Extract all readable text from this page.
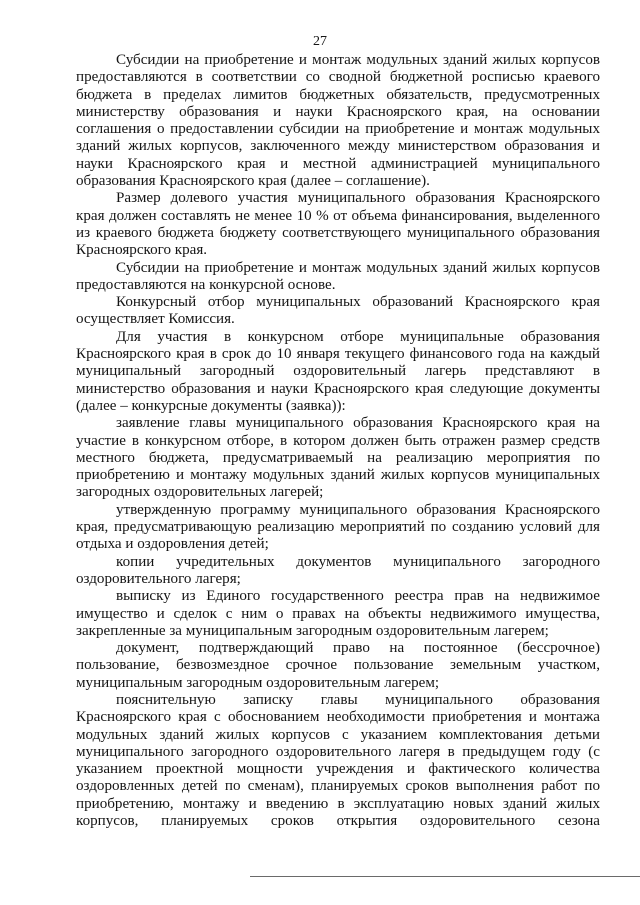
27

Субсидии на приобретение и монтаж модульных зданий жилых корпусов предоставляются в соответствии со сводной бюджетной росписью краевого бюджета в пределах лимитов бюджетных обязательств, предусмотренных министерству образования и науки Красноярского края, на основании соглашения о предоставлении субсидии на приобретение и монтаж модульных зданий жилых корпусов, заключенного между министерством образования и науки Красноярского края и местной администрацией муниципального образования Красноярского края (далее – соглашение).

Размер долевого участия муниципального образования Красноярского края должен составлять не менее 10 % от объема финансирования, выделенного из краевого бюджета бюджету соответствующего муниципального образования Красноярского края.

Субсидии на приобретение и монтаж модульных зданий жилых корпусов предоставляются на конкурсной основе.

Конкурсный отбор муниципальных образований Красноярского края осуществляет Комиссия.

Для участия в конкурсном отборе муниципальные образования Красноярского края в срок до 10 января текущего финансового года на каждый муниципальный загородный оздоровительный лагерь представляют в министерство образования и науки Красноярского края следующие документы (далее – конкурсные документы (заявка)):

заявление главы муниципального образования Красноярского края на участие в конкурсном отборе, в котором должен быть отражен размер средств местного бюджета, предусматриваемый на реализацию мероприятия по приобретению и монтажу модульных зданий жилых корпусов муниципальных загородных оздоровительных лагерей;

утвержденную программу муниципального образования Красноярского края, предусматривающую реализацию мероприятий по созданию условий для отдыха и оздоровления детей;

копии учредительных документов муниципального загородного оздоровительного лагеря;

выписку из Единого государственного реестра прав на недвижимое имущество и сделок с ним о правах на объекты недвижимого имущества, закрепленные за муниципальным загородным оздоровительным лагерем;

документ, подтверждающий право на постоянное (бессрочное) пользование, безвозмездное срочное пользование земельным участком, муниципальным загородным оздоровительным лагерем;

пояснительную записку главы муниципального образования Красноярского края с обоснованием необходимости приобретения и монтажа модульных зданий жилых корпусов с указанием комплектования детьми муниципального загородного оздоровительного лагеря в предыдущем году (с указанием проектной мощности учреждения и фактического количества оздоровленных детей по сменам), планируемых сроков выполнения работ по приобретению, монтажу и введению в эксплуатацию новых зданий жилых корпусов, планируемых сроков открытия оздоровительного сезона
